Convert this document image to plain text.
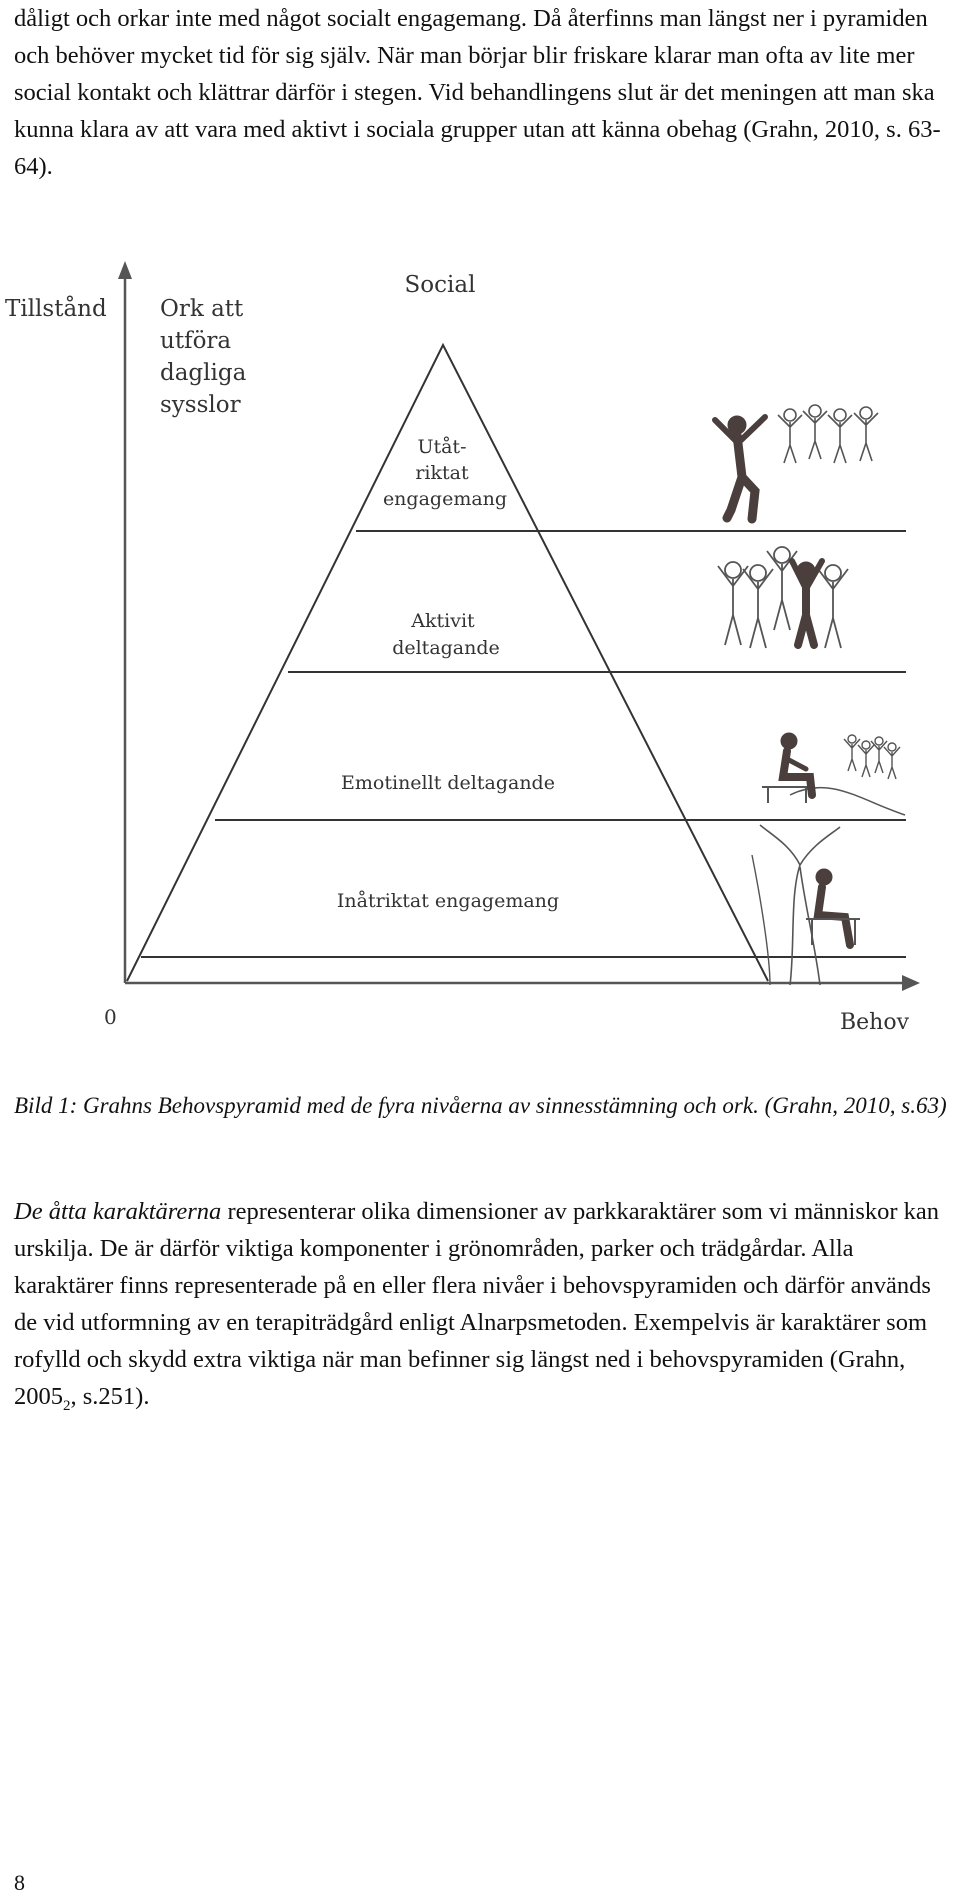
dåligt och orkar inte med något socialt engagemang. Då återfinns man längst ner i pyramiden och behöver mycket tid för sig själv. När man börjar blir friskare klarar man ofta av lite mer social kontakt och klättrar därför i stegen. Vid behandlingens slut är det meningen att man ska kunna klara av att vara med aktivt i sociala grupper utan att känna obehag (Grahn, 2010, s. 63-64).

Tillstånd Ork att utföra dagliga sysslor
Social
Utåt- riktat engagemang
Aktivit deltagande
Emotinellt deltagande
Inåtriktat engagemang
0	Behov

Bild 1: Grahns Behovspyramid med de fyra nivåerna av sinnesstämning och ork. (Grahn, 2010, s.63)

De åtta karaktärerna representerar olika dimensioner av parkkaraktärer som vi människor kan urskilja. De är därför viktiga komponenter i grönområden, parker och trädgårdar. Alla karaktärer finns representerade på en eller flera nivåer i behovspyramiden och därför används de vid utformning av en terapiträdgård enligt Alnarpsmetoden. Exempelvis är karaktärer som rofylld och skydd extra viktiga när man befinner sig längst ned i behovspyramiden (Grahn, $2005_2$, s.251).

8
